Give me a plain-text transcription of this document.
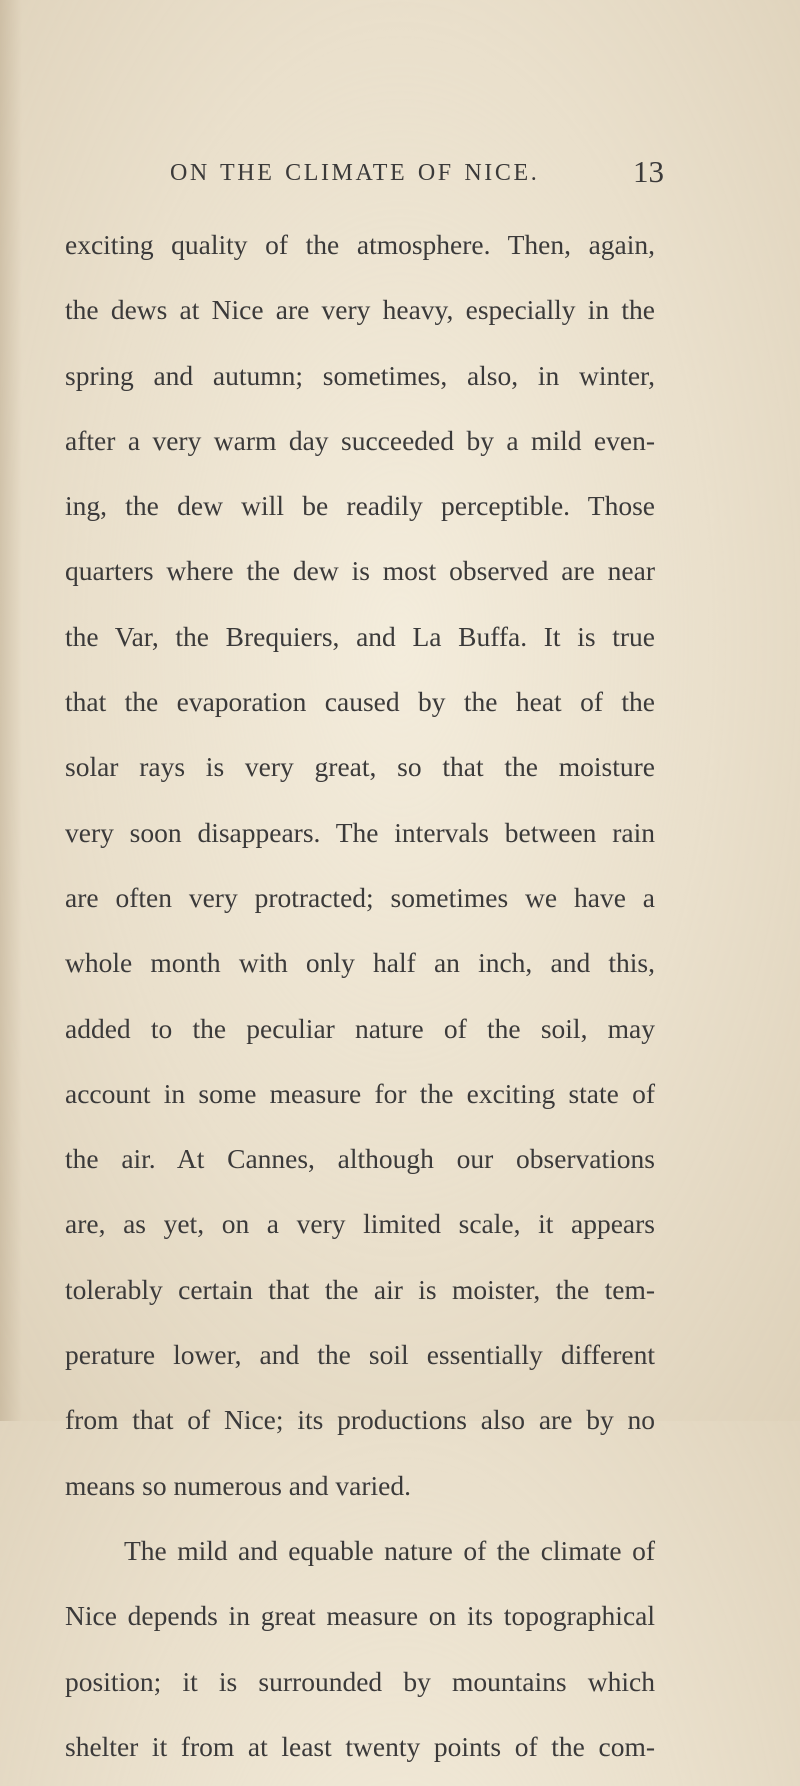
ON THE CLIMATE OF NICE.	13
exciting quality of the atmosphere. Then, again,
the dews at Nice are very heavy, especially in the
spring and autumn; sometimes, also, in winter,
after a very warm day succeeded by a mild even-
ing, the dew will be readily perceptible. Those
quarters where the dew is most observed are near
the Var, the Brequiers, and La Buffa. It is true
that the evaporation caused by the heat of the
solar rays is very great, so that the moisture
very soon disappears. The intervals between rain
are often very protracted; sometimes we have a
whole month with only half an inch, and this,
added to the peculiar nature of the soil, may
account in some measure for the exciting state of
the air. At Cannes, although our observations
are, as yet, on a very limited scale, it appears
tolerably certain that the air is moister, the tem-
perature lower, and the soil essentially different
from that of Nice; its productions also are by no
means so numerous and varied.
The mild and equable nature of the climate of
Nice depends in great measure on its topographical
position; it is surrounded by mountains which
shelter it from at least twenty points of the com-
